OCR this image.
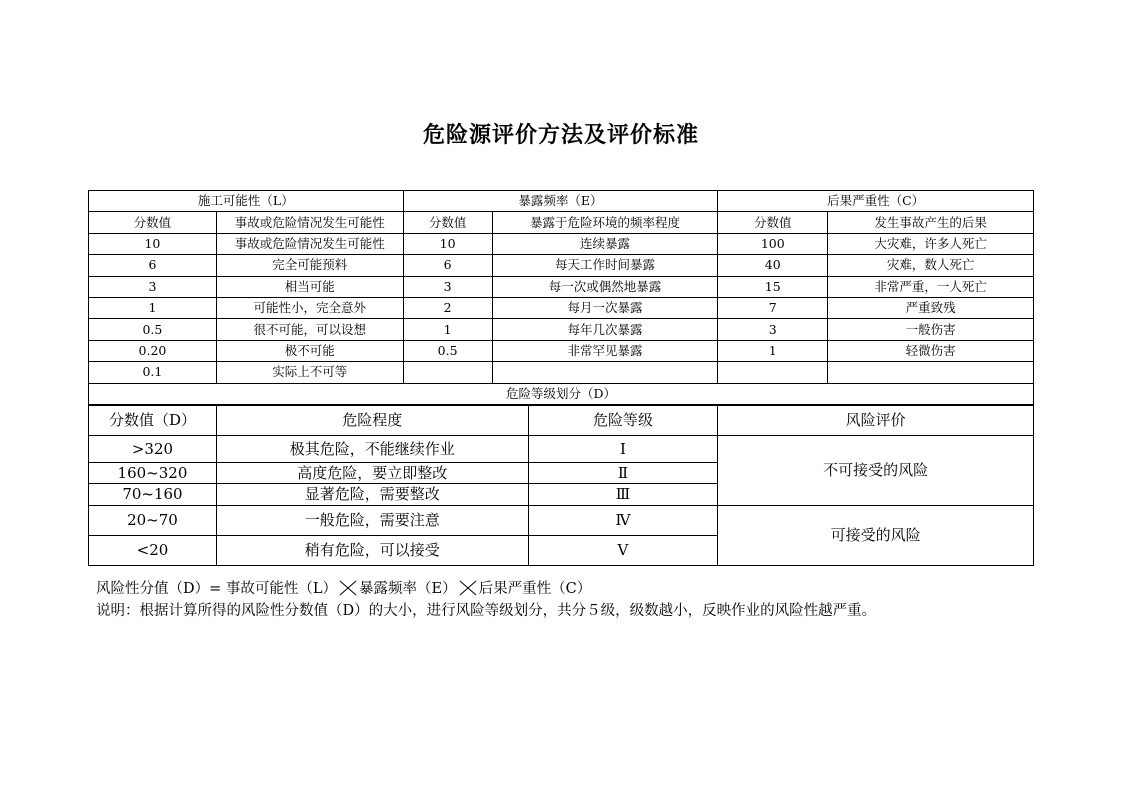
危险源评价方法及评价标准
施工可能性（L）		暴露频率（E）		后果严重性（C）	
分数值	事故或危险情况发生可能性	分数值	暴露于危险环境的频率程度	分数值	发生事故产生的后果
10	事故或危险情况发生可能性	10	连续暴露	100	大灾难，许多人死亡
6	完全可能预料	6	每天工作时间暴露	40	灾难，数人死亡
3	相当可能	3	每一次或偶然地暴露	15	非常严重，一人死亡
1	可能性小，完全意外	2	每月一次暴露	7	严重致残
0.5	很不可能，可以设想	1	每年几次暴露	3	一般伤害
0.20	极不可能	0.5	非常罕见暴露	1	轻微伤害
0.1	实际上不可等				
危险等级划分（D）					
分数值（D）	危险程度	危险等级	风险评价
>320	极其危险，不能继续作业	Ⅰ	不可接受的风险
160~320	高度危险，要立即整改	Ⅱ	
70~160	显著危险，需要整改	Ⅲ	
20~70	一般危险，需要注意	Ⅳ	可接受的风险
<20	稍有危险，可以接受	Ⅴ	
风险性分值（D）= 事故可能性（L） 暴露频率（E） 后果严重性（C）
说明：根据计算所得的风险性分数值（D）的大小，进行风险等级划分，共分５级，级数越小，反映作业的风险性越严重。
